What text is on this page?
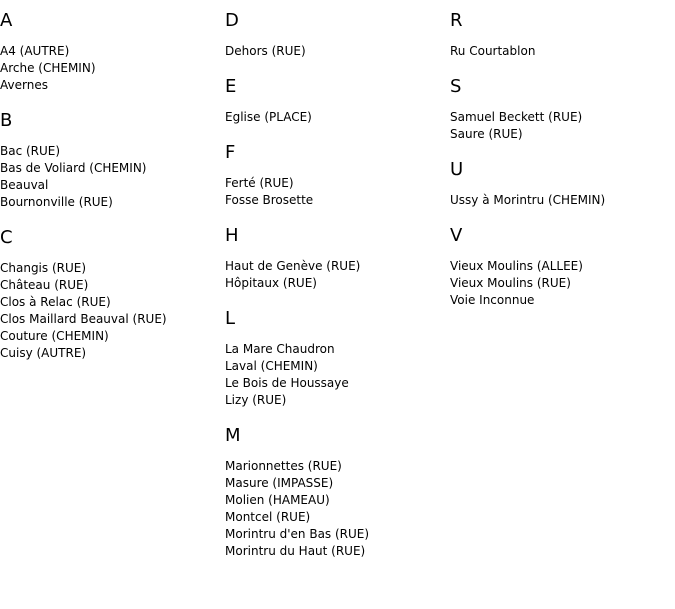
A
A4 (AUTRE)
Arche (CHEMIN)
Avernes
B
Bac (RUE)
Bas de Voliard (CHEMIN)
Beauval
Bournonville (RUE)
C
Changis (RUE)
Château (RUE)
Clos à Relac (RUE)
Clos Maillard Beauval (RUE)
Couture (CHEMIN)
Cuisy (AUTRE)
D
Dehors (RUE)
E
Eglise (PLACE)
F
Ferté (RUE)
Fosse Brosette
H
Haut de Genève (RUE)
Hôpitaux (RUE)
L
La Mare Chaudron
Laval (CHEMIN)
Le Bois de Houssaye
Lizy (RUE)
M
Marionnettes (RUE)
Masure (IMPASSE)
Molien (HAMEAU)
Montcel (RUE)
Morintru d'en Bas (RUE)
Morintru du Haut (RUE)
R
Ru Courtablon
S
Samuel Beckett (RUE)
Saure (RUE)
U
Ussy à Morintru (CHEMIN)
V
Vieux Moulins (ALLEE)
Vieux Moulins (RUE)
Voie Inconnue
